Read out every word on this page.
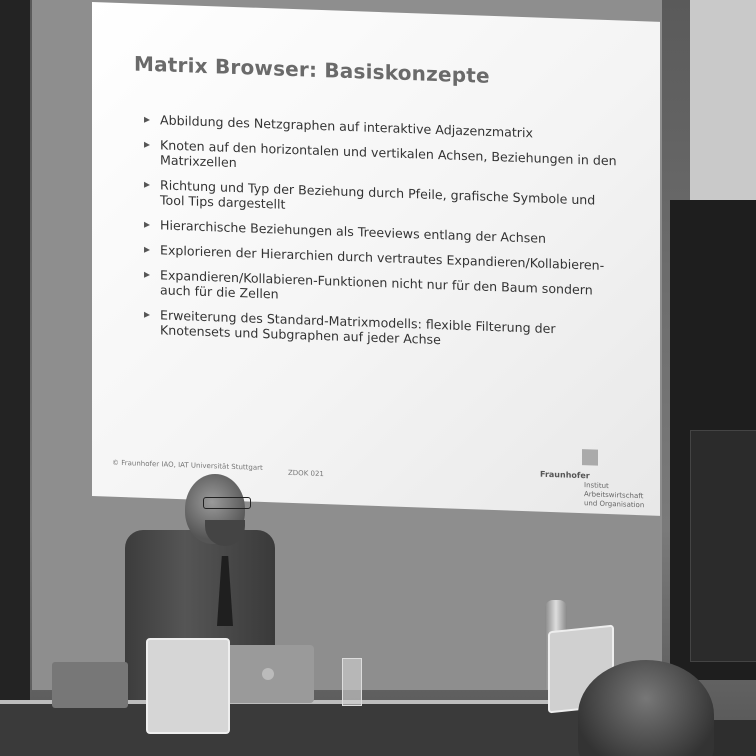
Matrix Browser: Basiskonzepte
▸ Abbildung des Netzgraphen auf interaktive Adjazenzmatrix
▸ Knoten auf den horizontalen und vertikalen Achsen, Beziehungen in den Matrixzellen
▸ Richtung und Typ der Beziehung durch Pfeile, grafische Symbole und Tool Tips dargestellt
▸ Hierarchische Beziehungen als Treeviews entlang der Achsen
▸ Explorieren der Hierarchien durch vertrautes Expandieren/Kollabieren-
▸ Expandieren/Kollabieren-Funktionen nicht nur für den Baum sondern auch für die Zellen
▸ Erweiterung des Standard-Matrixmodells: flexible Filterung der Knotensets und Subgraphen auf jeder Achse
© Fraunhofer IAO, IAT Universität Stuttgart
ZDOK 021	Fraunhofer
Institut Arbeitswirtschaft und Organisation
